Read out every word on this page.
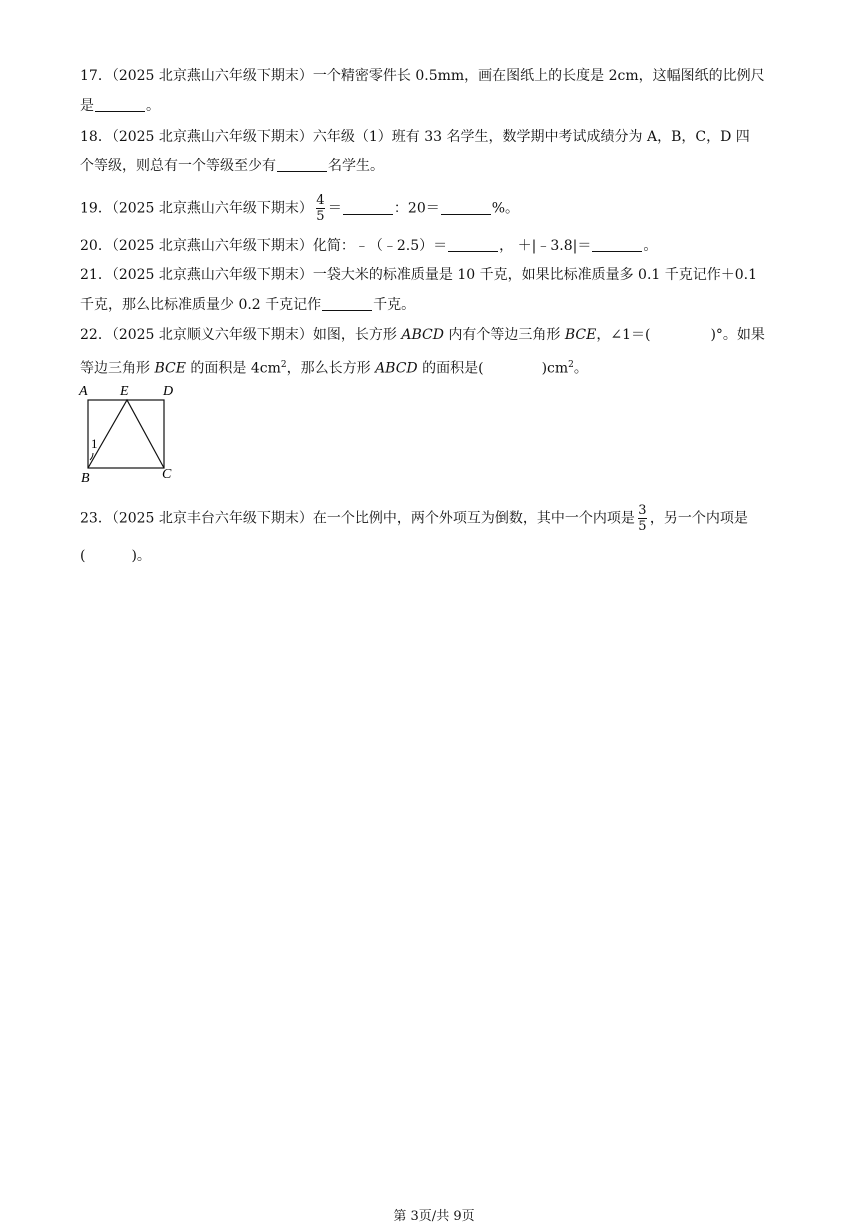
17．（2025 北京燕山六年级下期末）一个精密零件长 0.5mm，画在图纸上的长度是 2cm，这幅图纸的比例尺
是	。
18．（2025 北京燕山六年级下期末）六年级（1）班有 33 名学生，数学期中考试成绩分为 A，B，C，D 四
个等级，则总有一个等级至少有	名学生。
19．（2025 北京燕山六年级下期末） $\frac{4}{5}$ ＝	：20＝	%。
20．（2025 北京燕山六年级下期末）化简：﹣（﹣2.5）＝	， ＋|﹣3.8|＝	。
21．（2025 北京燕山六年级下期末）一袋大米的标准质量是 10 千克，如果比标准质量多 0.1 千克记作＋0.1
千克，那么比标准质量少 0.2 千克记作	千克。
22．（2025 北京顺义六年级下期末）如图，长方形 ABCD 内有个等边三角形 BCE，∠1＝(	)°。如果
等边三角形 BCE 的面积是 $4cm^2$，那么长方形 ABCD 的面积是(	)$cm^2$。
A E D
B	C
1
23．（2025 北京丰台六年级下期末）在一个比例中，两个外项互为倒数，其中一个内项是 $\frac{3}{5}$ ，另一个内项是
(	)。
第 3页/共 9页
